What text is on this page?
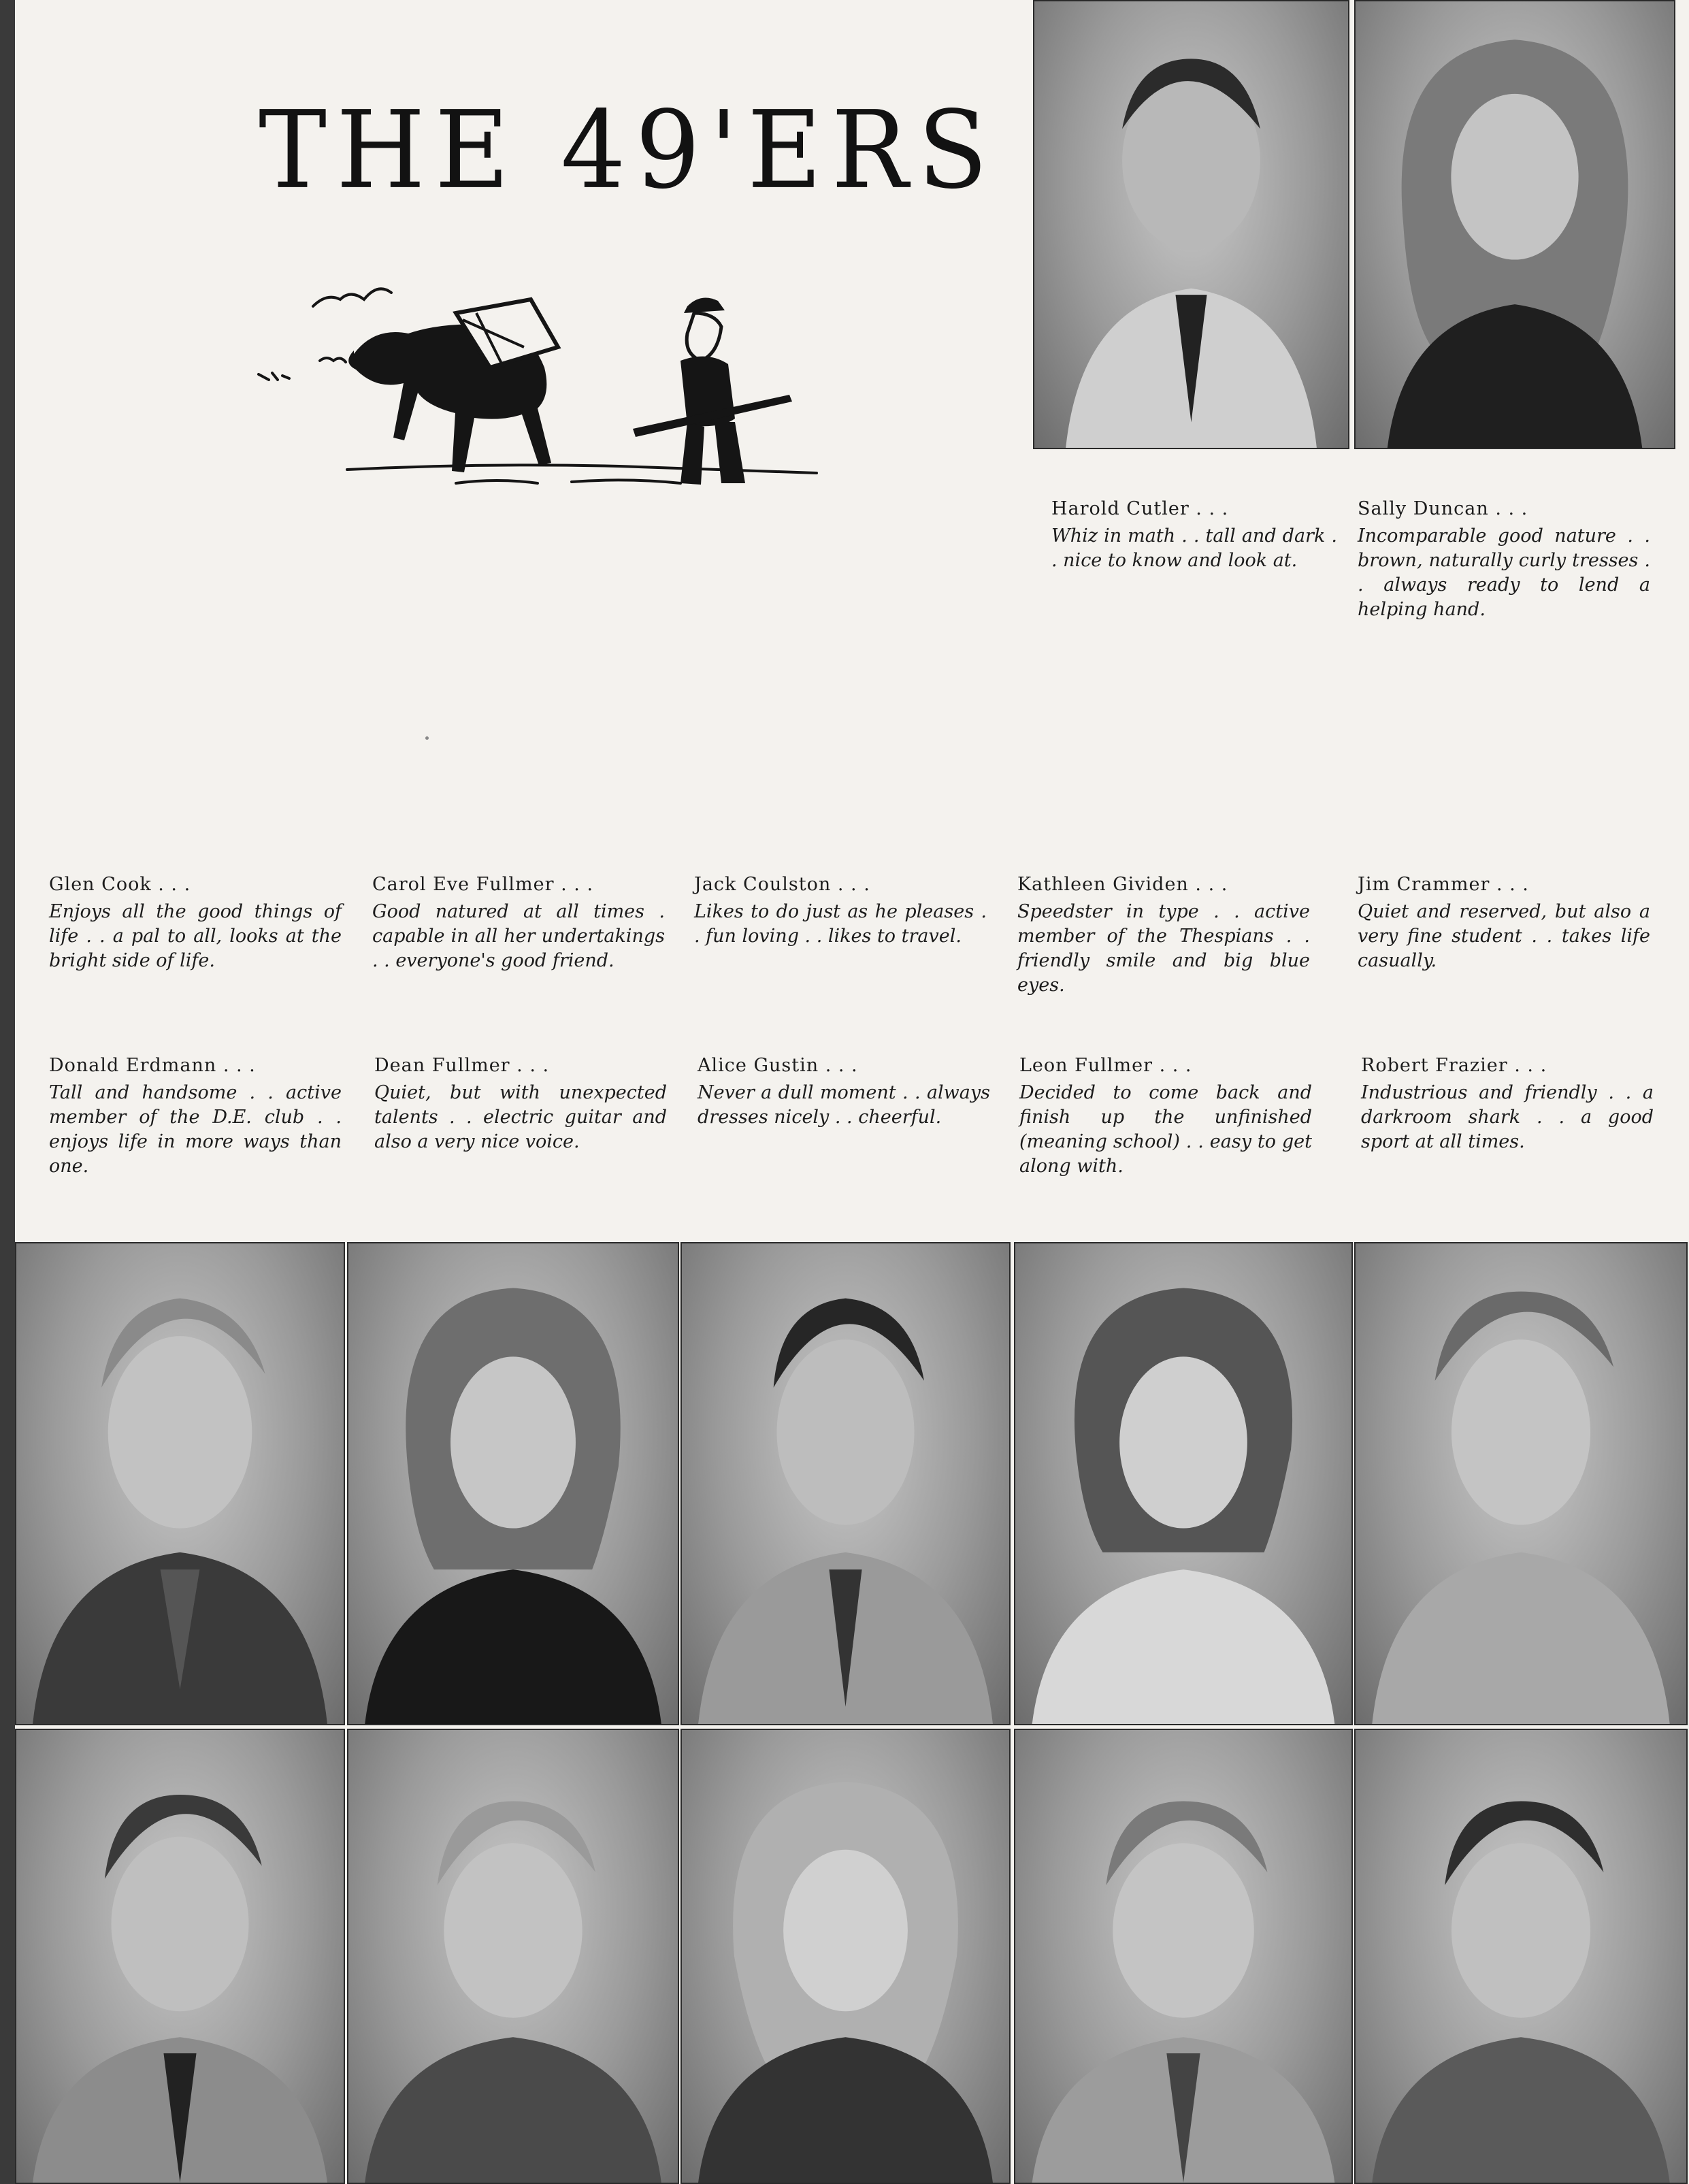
THE 49'ERS

Harold Cutler . . .

Whiz in math . . tall and dark . . nice to know and look at.

Sally Duncan . . .

Incomparable good nature . . brown, naturally curly tresses . . always ready to lend a helping hand.

Glen Cook . . .

Enjoys all the good things of life . . a pal to all, looks at the bright side of life.

Carol Eve Fullmer . . .

Good natured at all times . capable in all her undertakings . . everyone's good friend.

Jack Coulston . . .

Likes to do just as he pleases . . fun loving . . likes to travel.

Kathleen Gividen . . .

Speedster in type . . active member of the Thespians . . friendly smile and big blue eyes.

Jim Crammer . . .

Quiet and reserved, but also a very fine student . . takes life casually.

Donald Erdmann . . .

Tall and handsome . . active member of the D.E. club . . enjoys life in more ways than one.

Dean Fullmer . . .

Quiet, but with unexpected talents . . electric guitar and also a very nice voice.

Alice Gustin . . .

Never a dull moment . . always dresses nicely . . cheerful.

Leon Fullmer . . .

Decided to come back and finish up the unfinished (meaning school) . . easy to get along with.

Robert Frazier . . .

Industrious and friendly . . a darkroom shark . . a good sport at all times.
